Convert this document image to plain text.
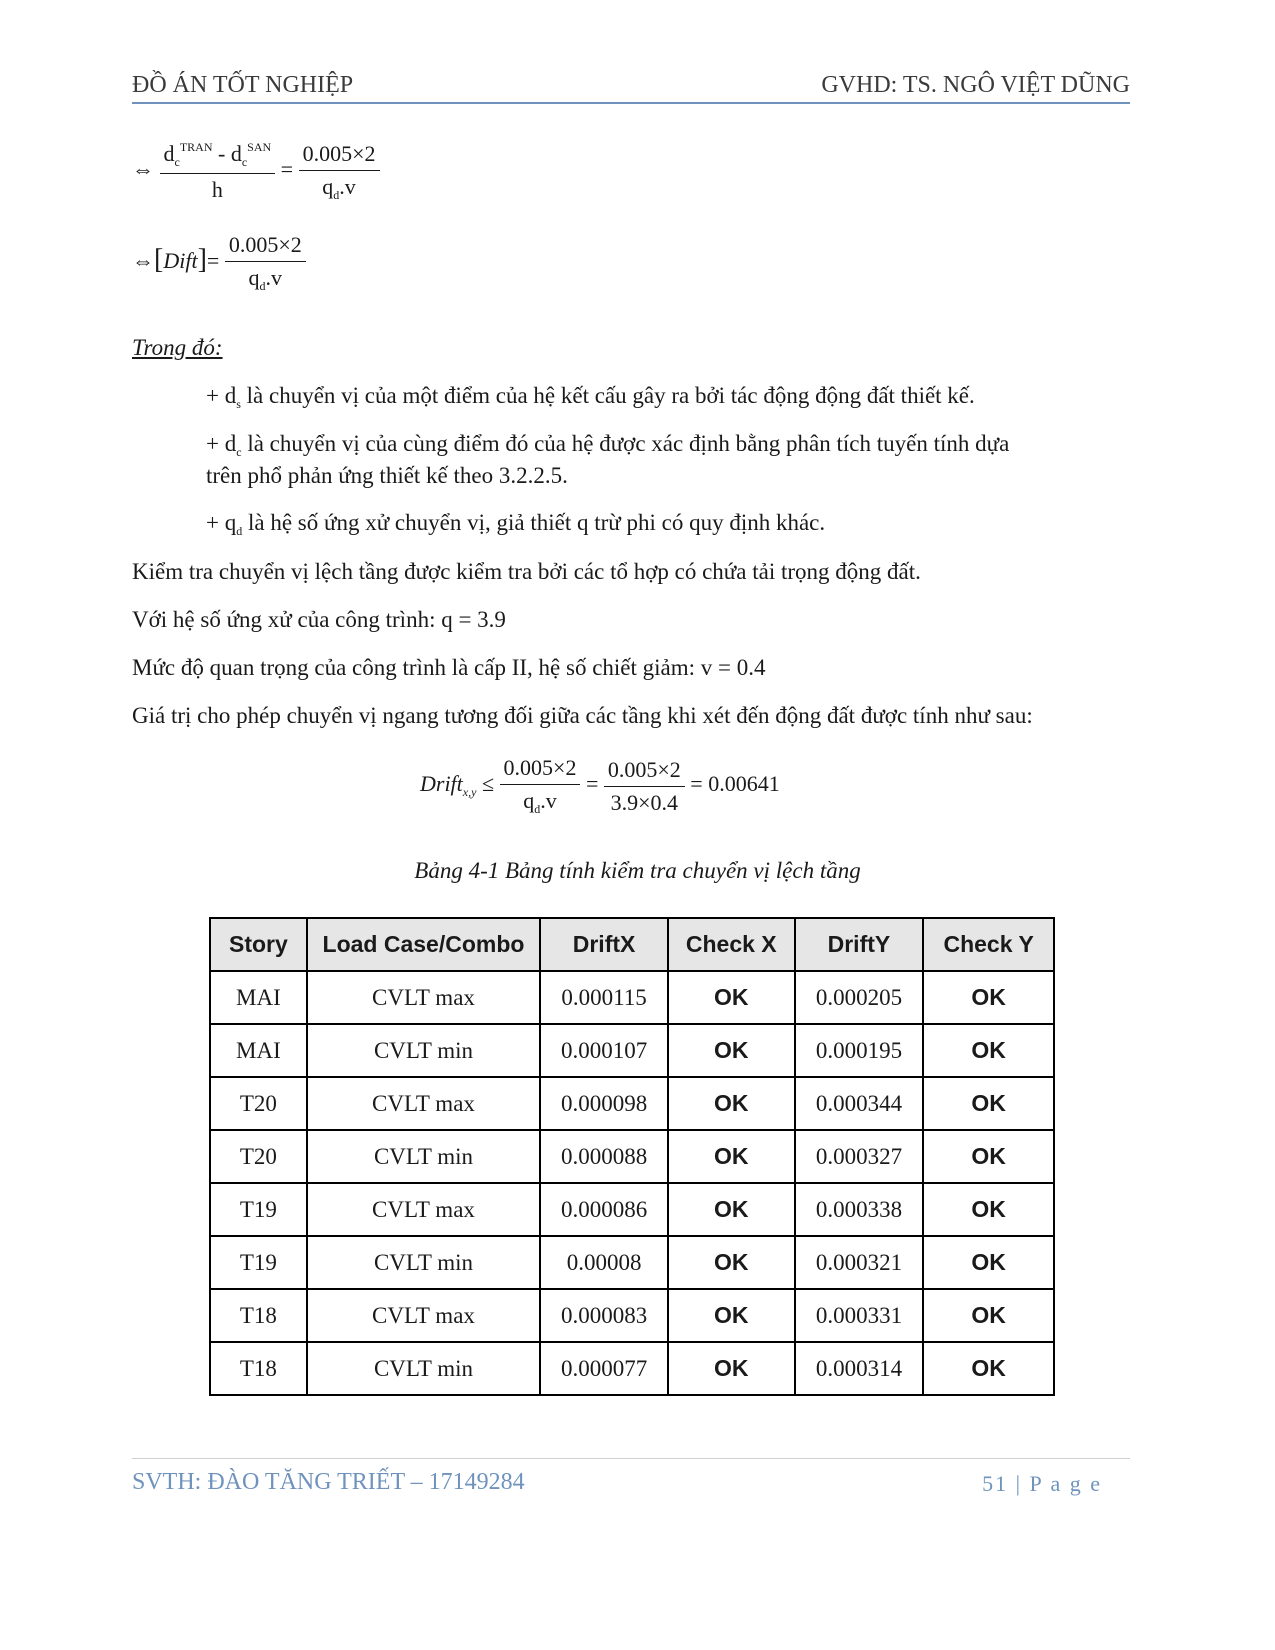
ĐỒ ÁN TỐT NGHIỆP	GVHD: TS. NGÔ VIỆT DŨNG
⇔ $\frac{d_c^{TRAN} - d_c^{SAN}}{h} = \frac{0.005\times 2}{q_d.v}$
⇔[Dift]= $\frac{0.005\times 2}{q_d.v}$
Trong đó:
+ $d_s$ là chuyển vị của một điểm của hệ kết cấu gây ra bởi tác động động đất thiết kế.
+ $d_c$ là chuyển vị của cùng điểm đó của hệ được xác định bằng phân tích tuyến tính dựa
trên phổ phản ứng thiết kế theo 3.2.2.5.
+ $q_d$ là hệ số ứng xử chuyển vị, giả thiết q trừ phi có quy định khác.
Kiểm tra chuyển vị lệch tầng được kiểm tra bởi các tổ hợp có chứa tải trọng động đất.
Với hệ số ứng xử của công trình: q = 3.9
Mức độ quan trọng của công trình là cấp II, hệ số chiết giảm: v = 0.4
Giá trị cho phép chuyển vị ngang tương đối giữa các tầng khi xét đến động đất được tính như sau:
Drift$_{x,y}$ ≤ $\frac{0.005\times 2}{q_d.v} = \frac{0.005\times 2}{3.9\times 0.4} = 0.00641$
Bảng 4-1 Bảng tính kiểm tra chuyển vị lệch tầng
Story	Load Case/Combo	DriftX	Check X	DriftY	Check Y
MAI	CVLT max	0.000115	OK	0.000205	OK
MAI	CVLT min	0.000107	OK	0.000195	OK
T20	CVLT max	0.000098	OK	0.000344	OK
T20	CVLT min	0.000088	OK	0.000327	OK
T19	CVLT max	0.000086	OK	0.000338	OK
T19	CVLT min	0.00008	OK	0.000321	OK
T18	CVLT max	0.000083	OK	0.000331	OK
T18	CVLT min	0.000077	OK	0.000314	OK
SVTH: ĐÀO TĂNG TRIẾT – 17149284	51 | P a g e
